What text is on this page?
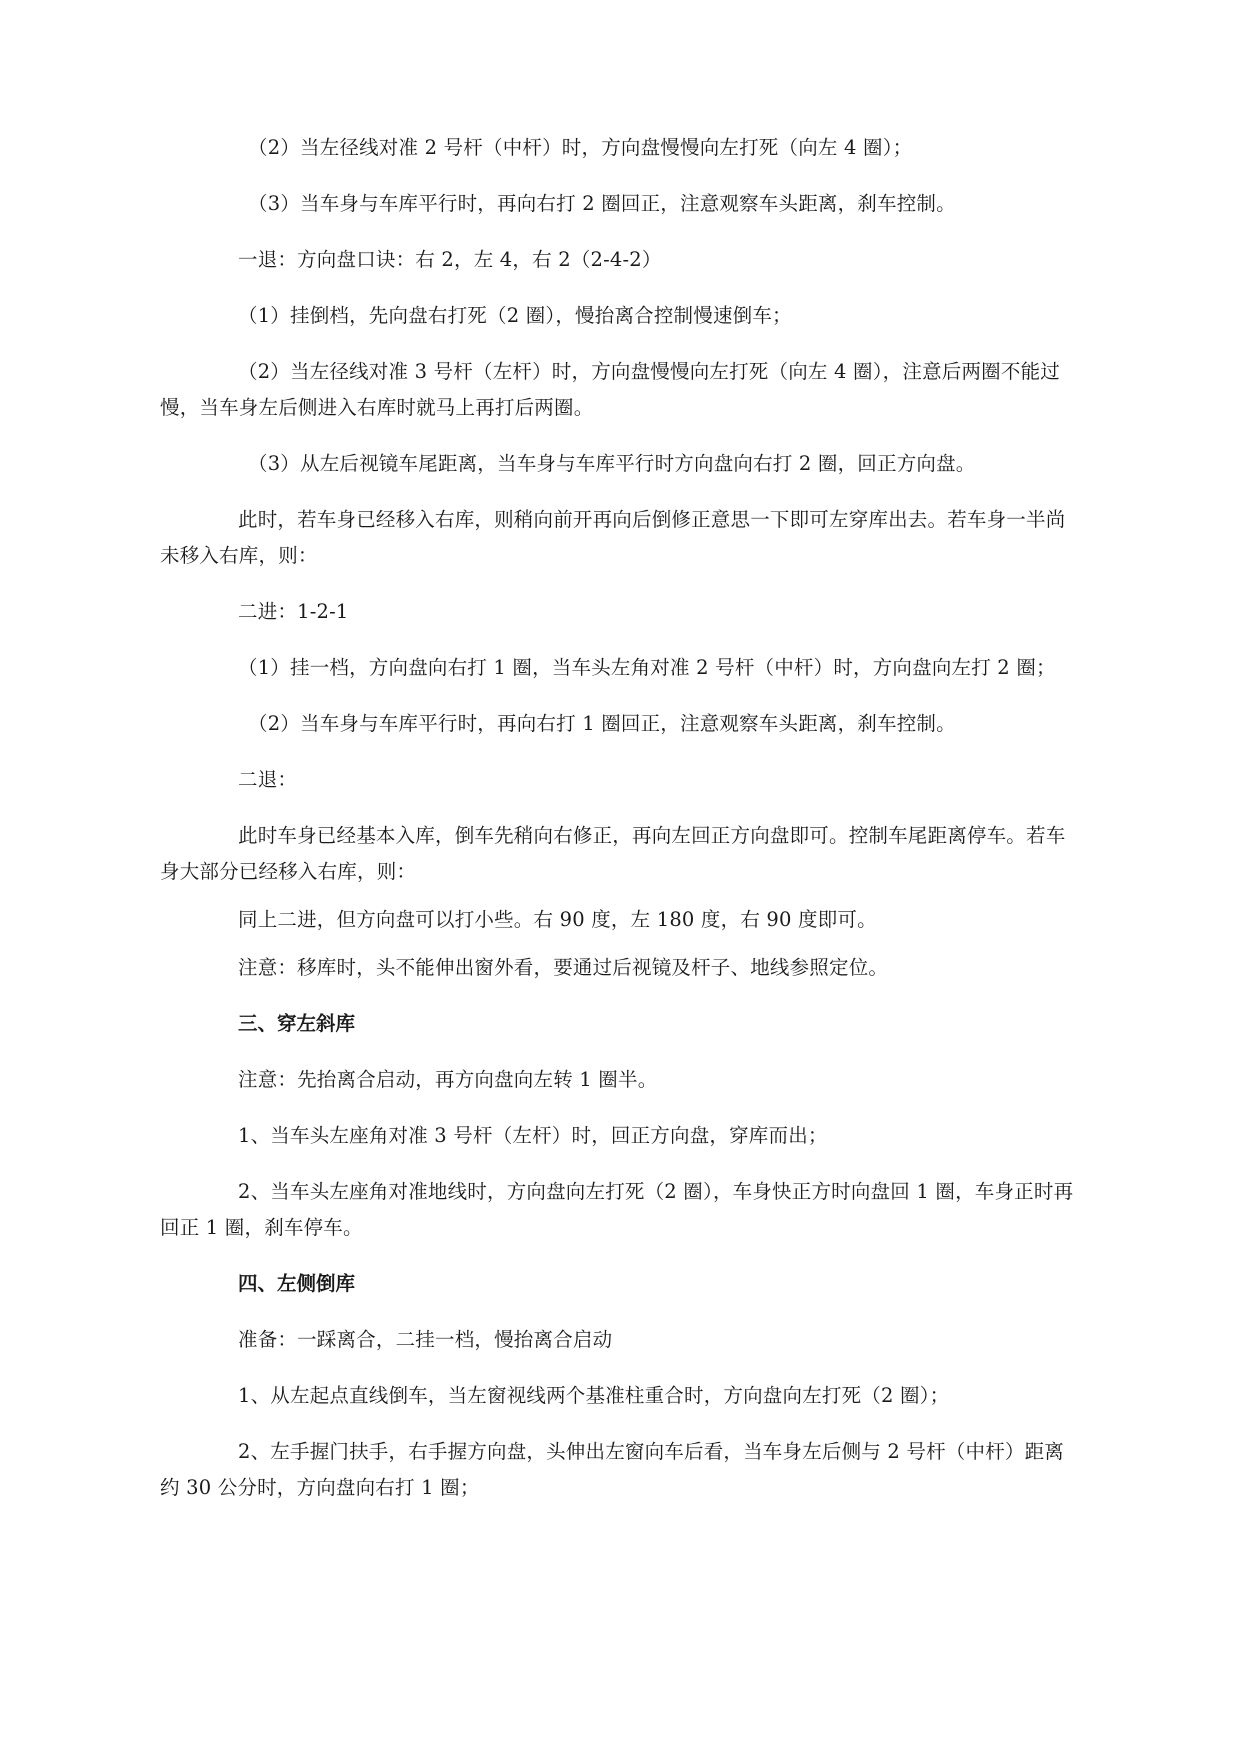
（2）当左径线对准 2 号杆（中杆）时，方向盘慢慢向左打死（向左 4 圈）；

（3）当车身与车库平行时，再向右打 2 圈回正，注意观察车头距离，刹车控制。

一退：方向盘口诀：右 2，左 4，右 2（2-4-2）

（1）挂倒档，先向盘右打死（2 圈），慢抬离合控制慢速倒车；

（2）当左径线对准 3 号杆（左杆）时，方向盘慢慢向左打死（向左 4 圈），注意后两圈不能过慢，当车身左后侧进入右库时就马上再打后两圈。

（3）从左后视镜车尾距离，当车身与车库平行时方向盘向右打 2 圈，回正方向盘。

此时，若车身已经移入右库，则稍向前开再向后倒修正意思一下即可左穿库出去。若车身一半尚未移入右库，则：

二进：1-2-1

（1）挂一档，方向盘向右打 1 圈，当车头左角对准 2 号杆（中杆）时，方向盘向左打 2 圈；

（2）当车身与车库平行时，再向右打 1 圈回正，注意观察车头距离，刹车控制。

二退：

此时车身已经基本入库，倒车先稍向右修正，再向左回正方向盘即可。控制车尾距离停车。若车身大部分已经移入右库，则：

同上二进，但方向盘可以打小些。右 90 度，左 180 度，右 90 度即可。

注意：移库时，头不能伸出窗外看，要通过后视镜及杆子、地线参照定位。

三、穿左斜库

注意：先抬离合启动，再方向盘向左转 1 圈半。

1、当车头左座角对准 3 号杆（左杆）时，回正方向盘，穿库而出；

2、当车头左座角对准地线时，方向盘向左打死（2 圈），车身快正方时向盘回 1 圈，车身正时再回正 1 圈，刹车停车。

四、左侧倒库

准备：一踩离合，二挂一档，慢抬离合启动

1、从左起点直线倒车，当左窗视线两个基准柱重合时，方向盘向左打死（2 圈）；

2、左手握门扶手，右手握方向盘，头伸出左窗向车后看，当车身左后侧与 2 号杆（中杆）距离约 30 公分时，方向盘向右打 1 圈；
